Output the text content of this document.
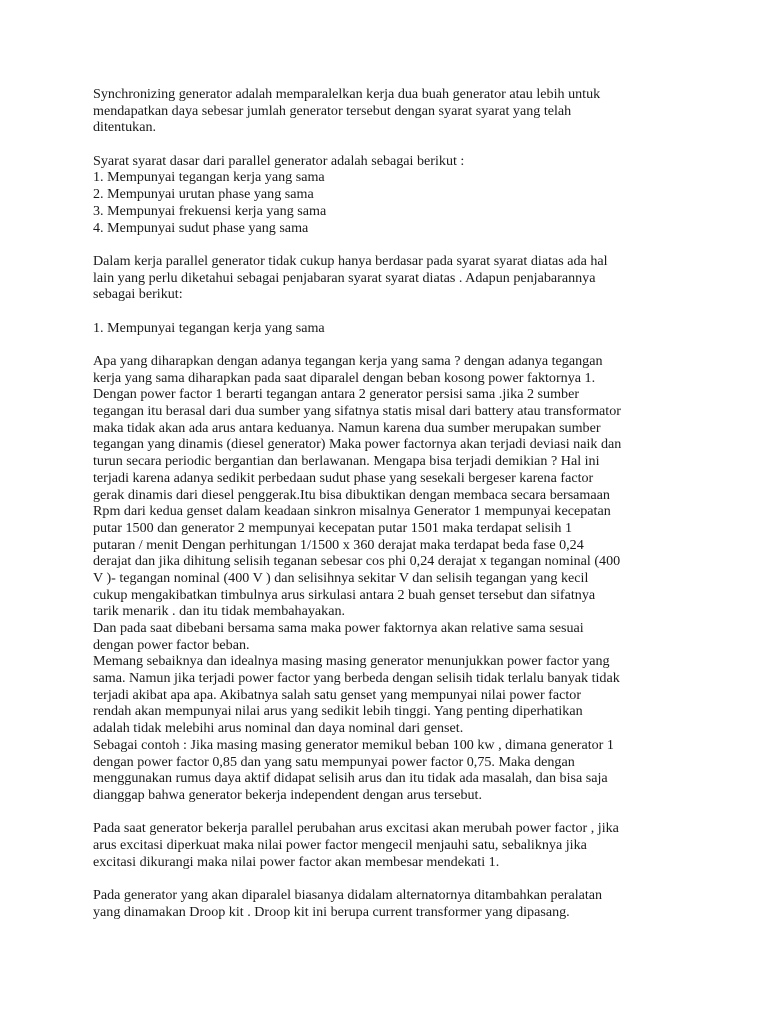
Synchronizing generator adalah memparalelkan kerja dua buah generator atau lebih untuk
mendapatkan daya sebesar jumlah generator tersebut dengan syarat syarat yang telah
ditentukan.
Syarat syarat dasar dari parallel generator adalah sebagai berikut :
1. Mempunyai tegangan kerja yang sama
2. Mempunyai urutan phase yang sama
3. Mempunyai frekuensi kerja yang sama
4. Mempunyai sudut phase yang sama
Dalam kerja parallel generator tidak cukup hanya berdasar pada syarat syarat diatas ada hal
lain yang perlu diketahui sebagai penjabaran syarat syarat diatas . Adapun penjabarannya
sebagai berikut:
1. Mempunyai tegangan kerja yang sama
Apa yang diharapkan dengan adanya tegangan kerja yang sama ? dengan adanya tegangan
kerja yang sama diharapkan pada saat diparalel dengan beban kosong power faktornya 1.
Dengan power factor 1 berarti tegangan antara 2 generator persisi sama .jika 2 sumber
tegangan itu berasal dari dua sumber yang sifatnya statis misal dari battery atau transformator
maka tidak akan ada arus antara keduanya. Namun karena dua sumber merupakan sumber
tegangan yang dinamis (diesel generator) Maka power factornya akan terjadi deviasi naik dan
turun secara periodic bergantian dan berlawanan. Mengapa bisa terjadi demikian ? Hal ini
terjadi karena adanya sedikit perbedaan sudut phase yang sesekali bergeser karena factor
gerak dinamis dari diesel penggerak.Itu bisa dibuktikan dengan membaca secara bersamaan
Rpm dari kedua genset dalam keadaan sinkron misalnya Generator 1 mempunyai kecepatan
putar 1500 dan generator 2 mempunyai kecepatan putar 1501 maka terdapat selisih 1
putaran / menit Dengan perhitungan 1/1500 x 360 derajat maka terdapat beda fase 0,24
derajat dan jika dihitung selisih teganan sebesar cos phi 0,24 derajat x tegangan nominal (400
V )- tegangan nominal (400 V ) dan selisihnya sekitar V dan selisih tegangan yang kecil
cukup mengakibatkan timbulnya arus sirkulasi antara 2 buah genset tersebut dan sifatnya
tarik menarik . dan itu tidak membahayakan.
Dan pada saat dibebani bersama sama maka power faktornya akan relative sama sesuai
dengan power factor beban.
Memang sebaiknya dan idealnya masing masing generator menunjukkan power factor yang
sama. Namun jika terjadi power factor yang berbeda dengan selisih tidak terlalu banyak tidak
terjadi akibat apa apa. Akibatnya salah satu genset yang mempunyai nilai power factor
rendah akan mempunyai nilai arus yang sedikit lebih tinggi. Yang penting diperhatikan
adalah tidak melebihi arus nominal dan daya nominal dari genset.
Sebagai contoh : Jika masing masing generator memikul beban 100 kw , dimana generator 1
dengan power factor 0,85 dan yang satu mempunyai power factor 0,75. Maka dengan
menggunakan rumus daya aktif didapat selisih arus dan itu tidak ada masalah, dan bisa saja
dianggap bahwa generator bekerja independent dengan arus tersebut.
Pada saat generator bekerja parallel perubahan arus excitasi akan merubah power factor , jika
arus excitasi diperkuat maka nilai power factor mengecil menjauhi satu, sebaliknya jika
excitasi dikurangi maka nilai power factor akan membesar mendekati 1.
Pada generator yang akan diparalel biasanya didalam alternatornya ditambahkan peralatan
yang dinamakan Droop kit . Droop kit ini berupa current transformer yang dipasang.
